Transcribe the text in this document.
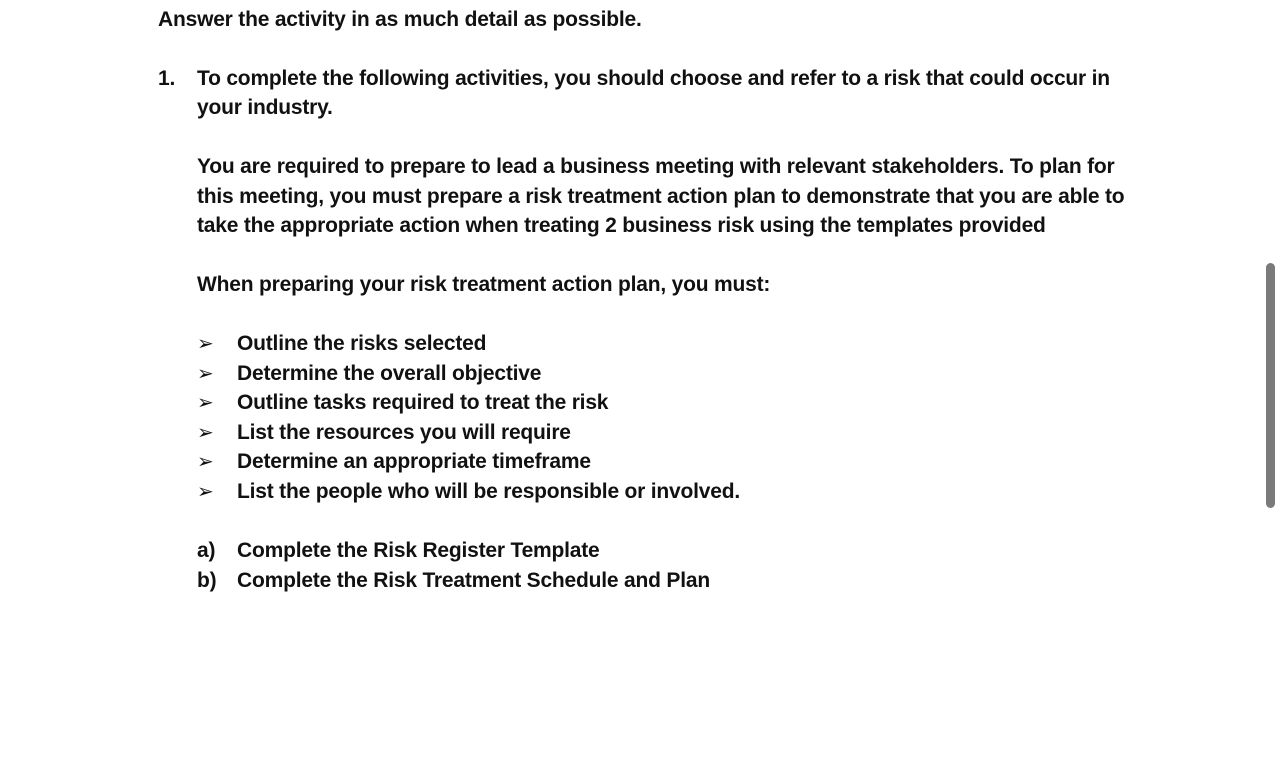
Answer the activity in as much detail as possible.
1. To complete the following activities, you should choose and refer to a risk that could occur in
your industry.
You are required to prepare to lead a business meeting with relevant stakeholders. To plan for
this meeting, you must prepare a risk treatment action plan to demonstrate that you are able to
take the appropriate action when treating 2 business risk using the templates provided
When preparing your risk treatment action plan, you must:
➢	Outline the risks selected
➢	Determine the overall objective
➢	Outline tasks required to treat the risk
➢	List the resources you will require
➢	Determine an appropriate timeframe
➢	List the people who will be responsible or involved.
a)	Complete the Risk Register Template
b) Complete the Risk Treatment Schedule and Plan
